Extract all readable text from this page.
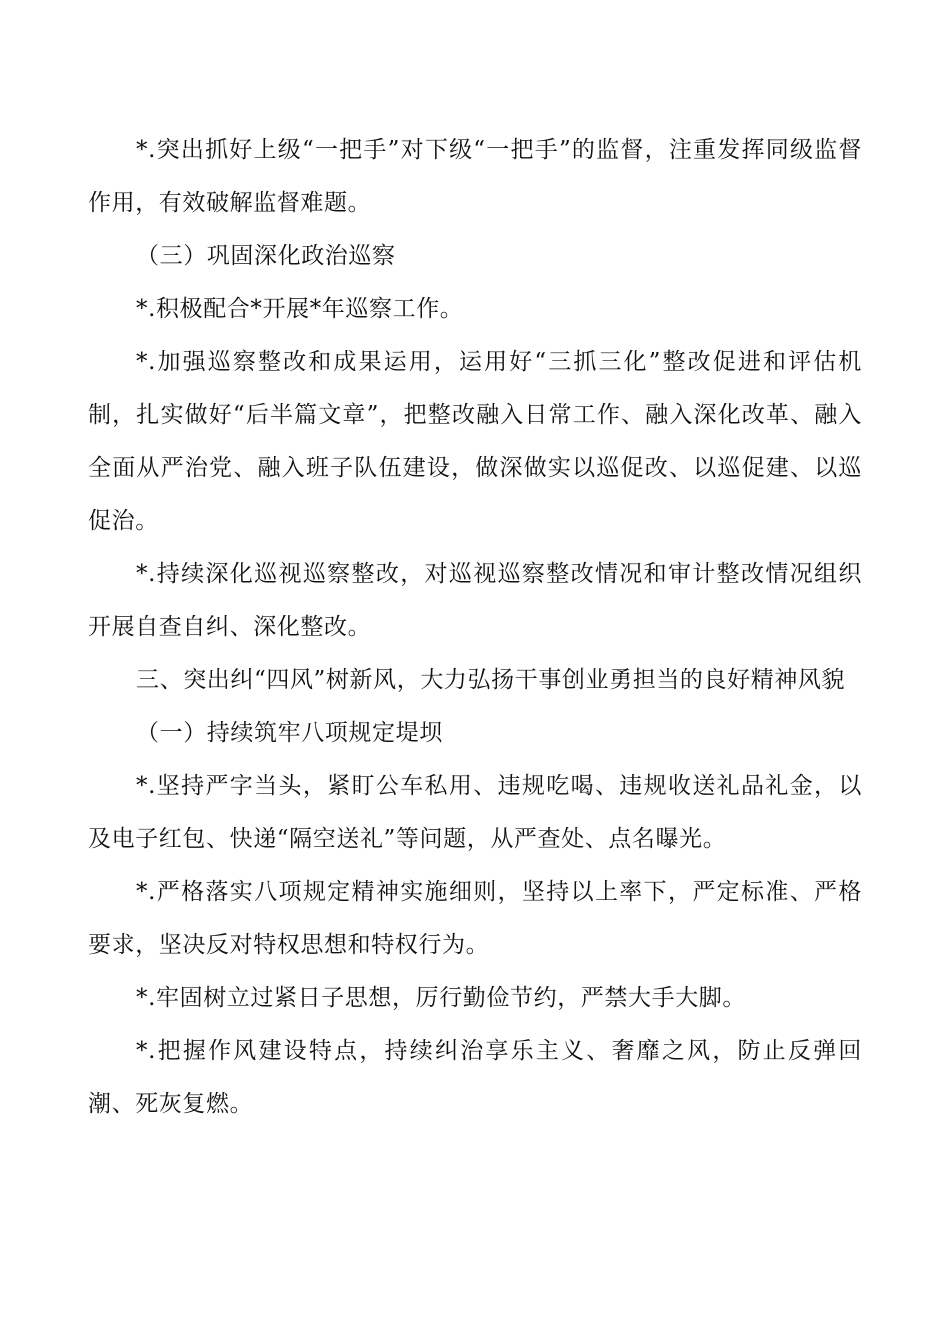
*.突出抓好上级“一把手”对下级“一把手”的监督，注重发挥同级监督作用，有效破解监督难题。

（三）巩固深化政治巡察

*.积极配合*开展*年巡察工作。

*.加强巡察整改和成果运用，运用好“三抓三化”整改促进和评估机制，扎实做好“后半篇文章”，把整改融入日常工作、融入深化改革、融入全面从严治党、融入班子队伍建设，做深做实以巡促改、以巡促建、以巡促治。

*.持续深化巡视巡察整改，对巡视巡察整改情况和审计整改情况组织开展自查自纠、深化整改。

三、突出纠“四风”树新风，大力弘扬干事创业勇担当的良好精神风貌

（一）持续筑牢八项规定堤坝

*.坚持严字当头，紧盯公车私用、违规吃喝、违规收送礼品礼金，以及电子红包、快递“隔空送礼”等问题，从严查处、点名曝光。

*.严格落实八项规定精神实施细则，坚持以上率下，严定标准、严格要求，坚决反对特权思想和特权行为。

*.牢固树立过紧日子思想，厉行勤俭节约，严禁大手大脚。

*.把握作风建设特点，持续纠治享乐主义、奢靡之风，防止反弹回潮、死灰复燃。
